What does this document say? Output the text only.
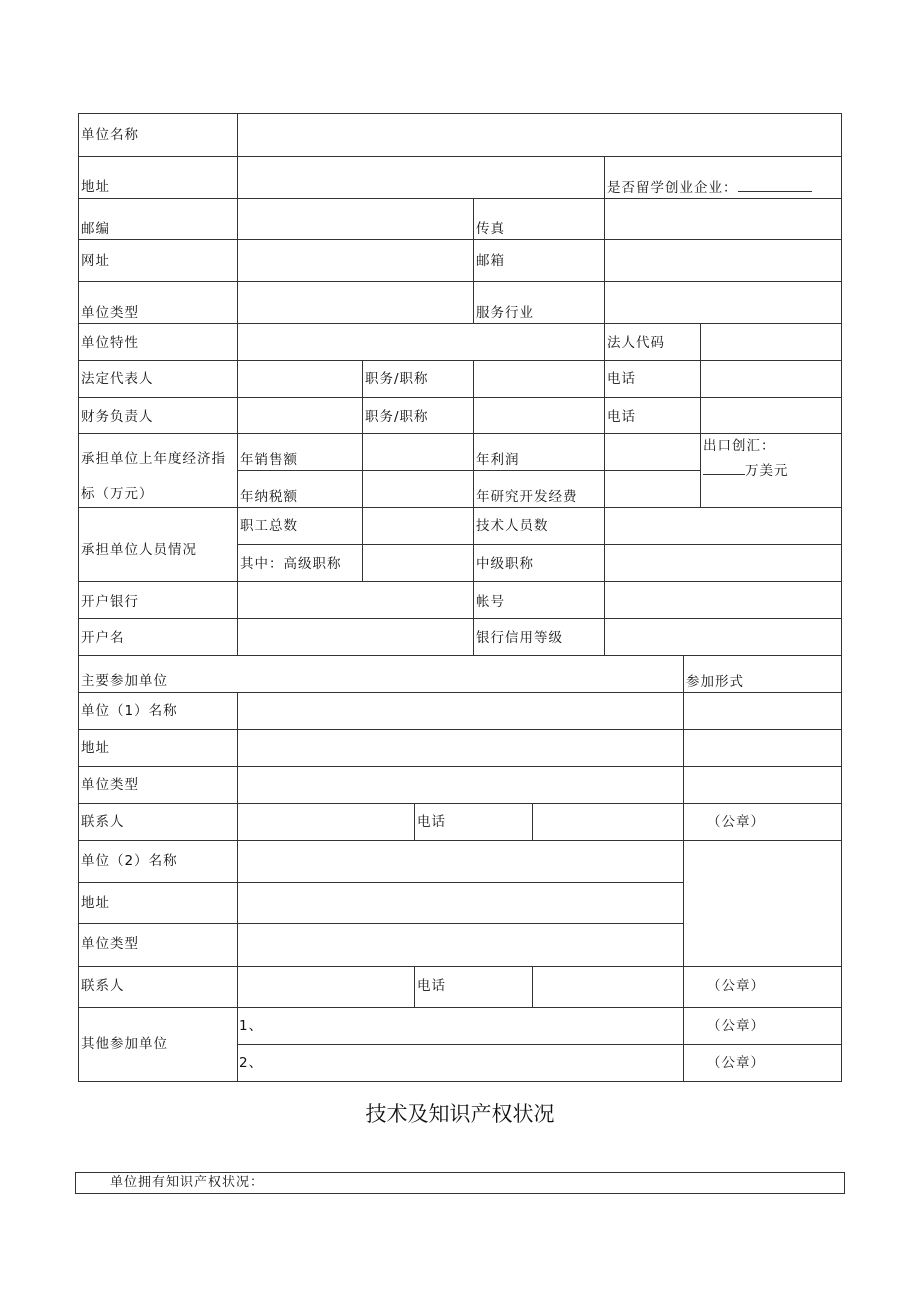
单位名称
地址	是否留学创业企业：
邮编	传真
网址	邮箱
单位类型	服务行业
单位特性	法人代码
法定代表人	职务/职称	电话
财务负责人	职务/职称	电话
承担单位上年度经济指
标（万元）
年销售额	年利润
出口创汇：
万美元
年纳税额	年研究开发经费
承担单位人员情况
职工总数	技术人员数
其中：高级职称	中级职称
开户银行	帐号
开户名	银行信用等级
主要参加单位	参加形式
单位（1）名称
地址
单位类型
联系人	电话	（公章）
单位（2）名称
地址
单位类型
联系人	电话	（公章）
其他参加单位
1、	（公章）
2、	（公章）
技术及知识产权状况
单位拥有知识产权状况：
